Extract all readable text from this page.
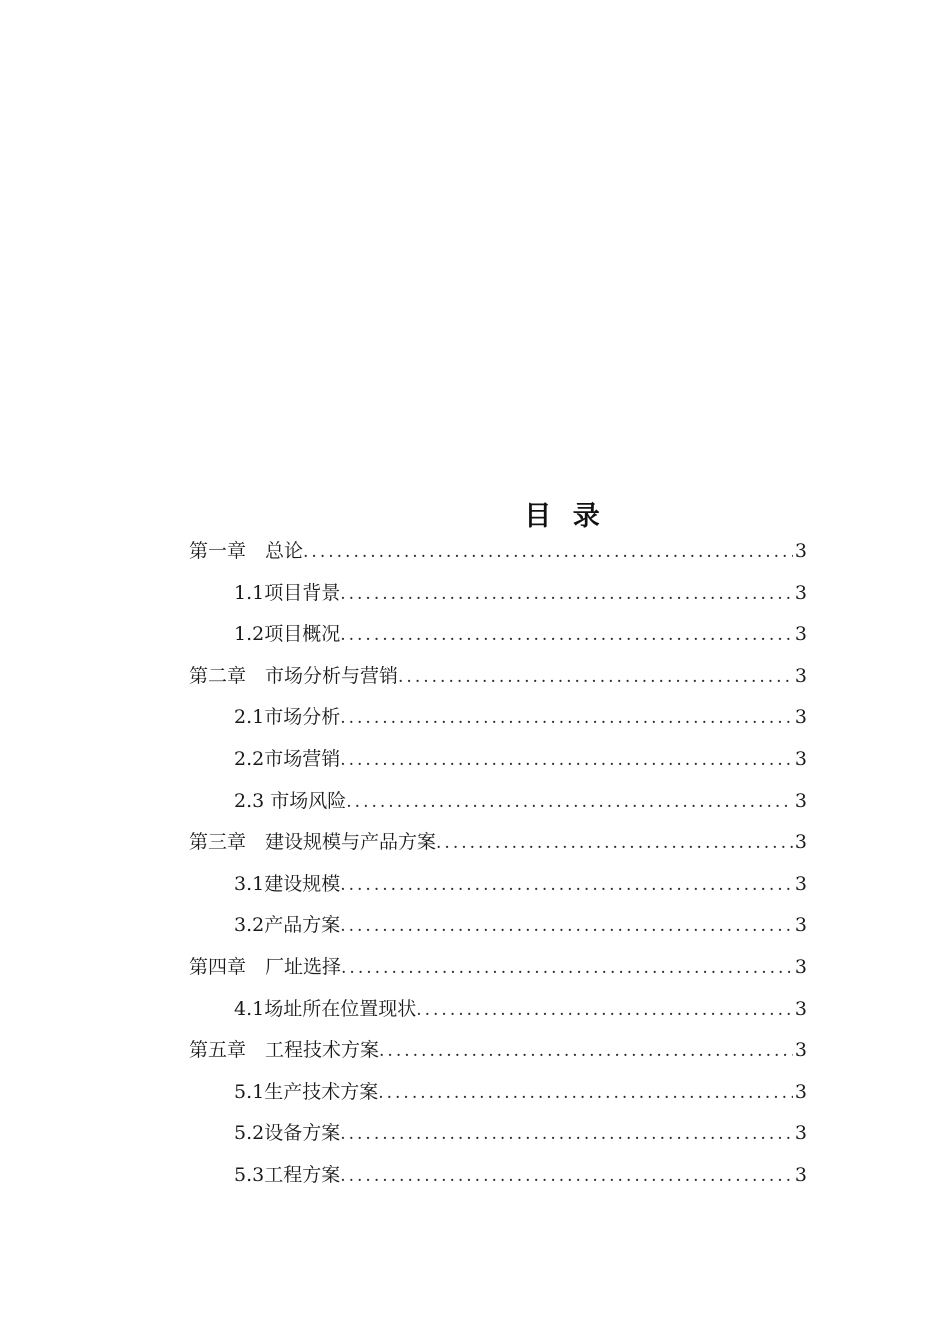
目 录
第一章　总论 .....	3
1.1项目背景 .....	3
1.2项目概况 .....	3
第二章　市场分析与营销 .....	3
2.1市场分析 .....	3
2.2市场营销 .....	3
2.3 市场风险 .....	3
第三章　建设规模与产品方案 .....	3
3.1建设规模 .....	3
3.2产品方案 .....	3
第四章　厂址选择 .....	3
4.1场址所在位置现状 .....	3
第五章　工程技术方案 .....	3
5.1生产技术方案 .....	3
5.2设备方案 .....	3
5.3工程方案 .....	3
